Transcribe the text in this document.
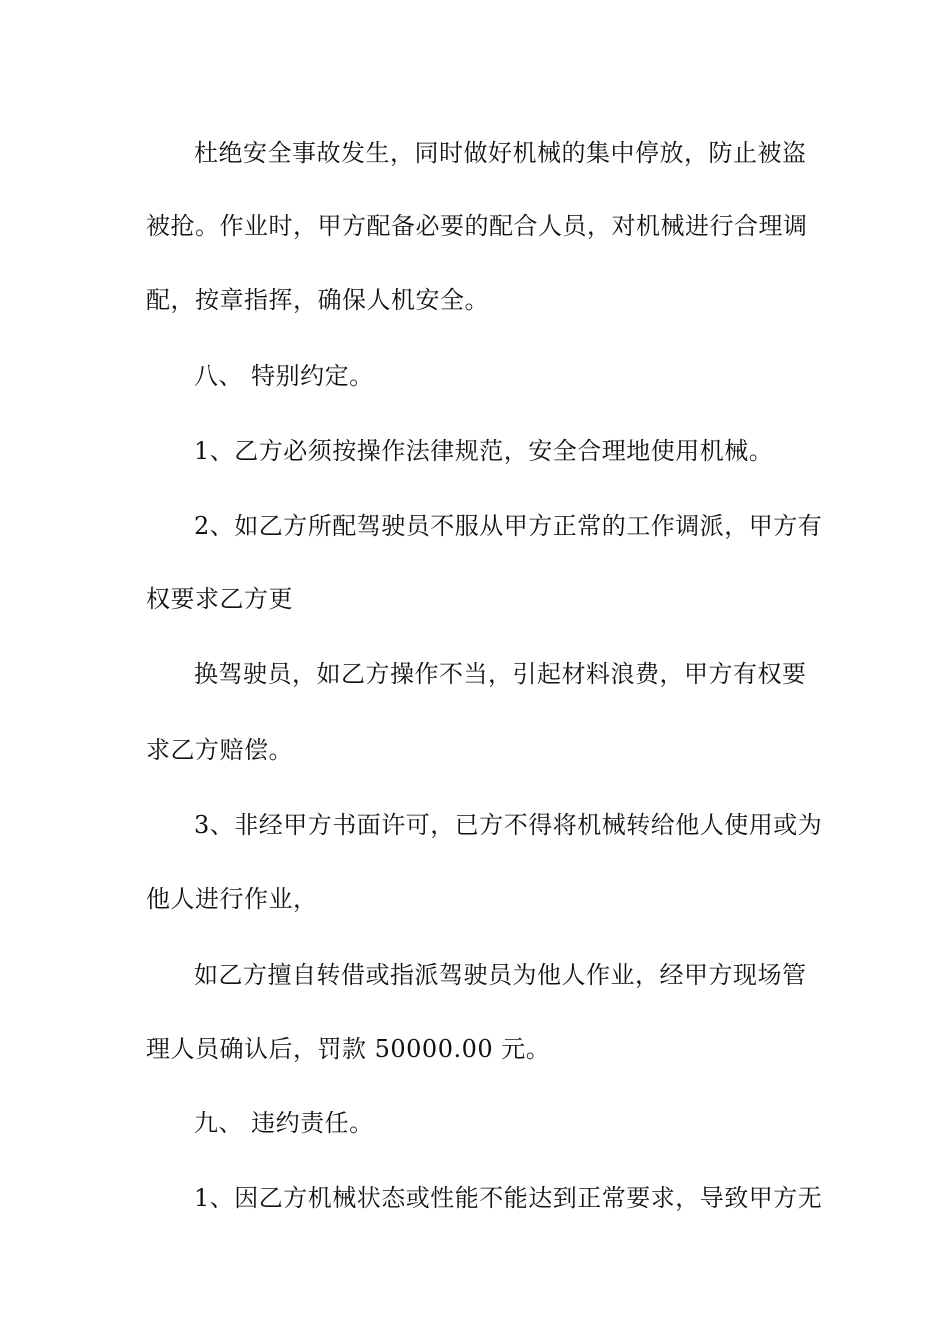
杜绝安全事故发生，同时做好机械的集中停放，防止被盗
被抢。作业时，甲方配备必要的配合人员，对机械进行合理调
配，按章指挥，确保人机安全。
八、 特别约定。
1、乙方必须按操作法律规范，安全合理地使用机械。
2、如乙方所配驾驶员不服从甲方正常的工作调派，甲方有
权要求乙方更
换驾驶员，如乙方操作不当，引起材料浪费，甲方有权要
求乙方赔偿。
3、非经甲方书面许可，已方不得将机械转给他人使用或为
他人进行作业，
如乙方擅自转借或指派驾驶员为他人作业，经甲方现场管
理人员确认后，罚款 50000.00 元。
九、 违约责任。
1、因乙方机械状态或性能不能达到正常要求，导致甲方无
